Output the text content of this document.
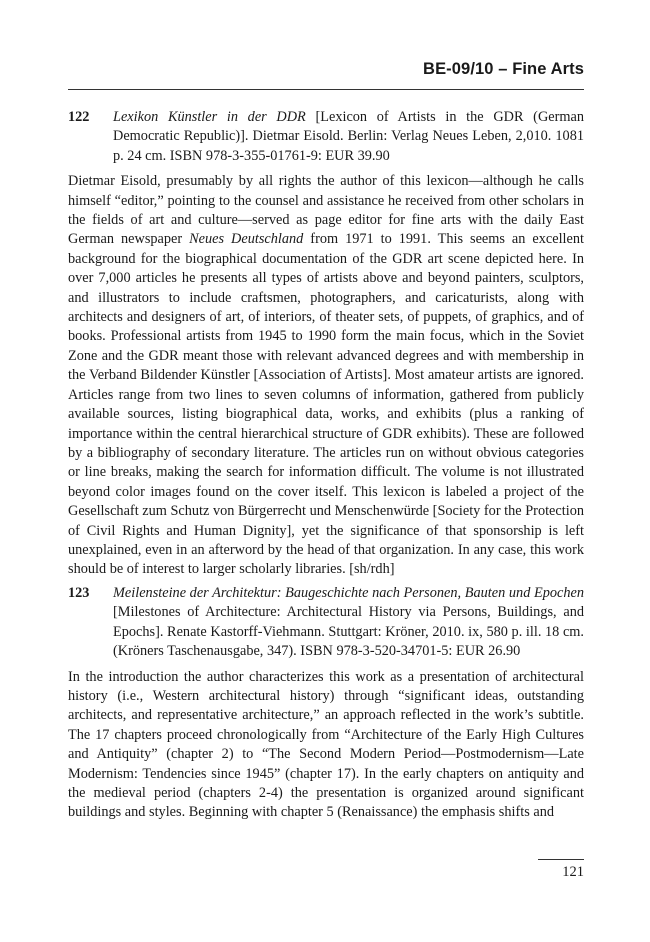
BE-09/10 – Fine Arts
122	Lexikon Künstler in der DDR [Lexicon of Artists in the GDR (German Democratic Republic)]. Dietmar Eisold. Berlin: Verlag Neues Leben, 2,010. 1081 p. 24 cm. ISBN 978-3-355-01761-9: EUR 39.90
Dietmar Eisold, presumably by all rights the author of this lexicon—although he calls himself “editor,” pointing to the counsel and assistance he received from other scholars in the fields of art and culture—served as page editor for fine arts with the daily East German newspaper Neues Deutschland from 1971 to 1991. This seems an excellent background for the biographical documentation of the GDR art scene depicted here. In over 7,000 articles he presents all types of artists above and beyond painters, sculptors, and illustrators to include craftsmen, photographers, and caricaturists, along with architects and designers of art, of interiors, of theater sets, of puppets, of graphics, and of books. Professional artists from 1945 to 1990 form the main focus, which in the Soviet Zone and the GDR meant those with relevant advanced degrees and with membership in the Verband Bildender Künstler [Association of Artists]. Most amateur artists are ignored. Articles range from two lines to seven columns of information, gathered from publicly available sources, listing biographical data, works, and exhibits (plus a ranking of importance within the central hierarchical structure of GDR exhibits). These are followed by a bibliography of secondary literature. The articles run on without obvious categories or line breaks, making the search for information difficult. The volume is not illustrated beyond color images found on the cover itself. This lexicon is labeled a project of the Gesellschaft zum Schutz von Bürgerrecht und Menschenwürde [Society for the Protection of Civil Rights and Human Dignity], yet the significance of that sponsorship is left unexplained, even in an afterword by the head of that organization. In any case, this work should be of interest to larger scholarly libraries. [sh/rdh]
123	Meilensteine der Architektur: Baugeschichte nach Personen, Bauten und Epochen [Milestones of Architecture: Architectural History via Persons, Buildings, and Epochs]. Renate Kastorff-Viehmann. Stuttgart: Kröner, 2010. ix, 580 p. ill. 18 cm. (Kröners Taschenausgabe, 347). ISBN 978-3-520-34701-5: EUR 26.90
In the introduction the author characterizes this work as a presentation of architectural history (i.e., Western architectural history) through “significant ideas, outstanding architects, and representative architecture,” an approach reflected in the work’s subtitle. The 17 chapters proceed chronologically from “Architecture of the Early High Cultures and Antiquity” (chapter 2) to “The Second Modern Period—Postmodernism—Late Modernism: Tendencies since 1945” (chapter 17). In the early chapters on antiquity and the medieval period (chapters 2-4) the presentation is organized around significant buildings and styles. Beginning with chapter 5 (Renaissance) the emphasis shifts and
121
